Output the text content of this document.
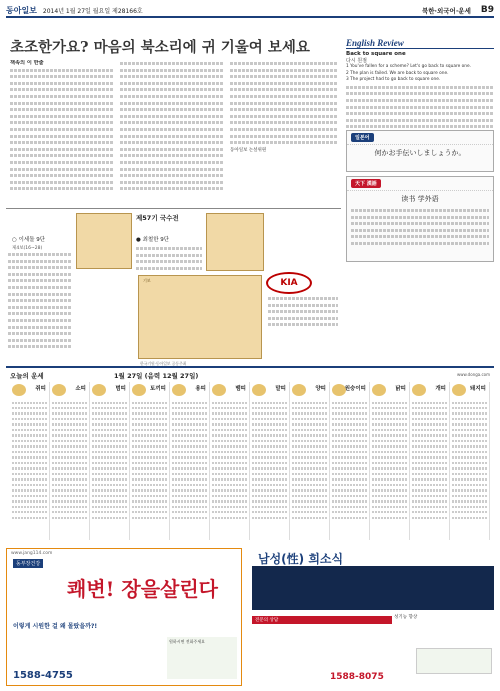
동아일보 2014년 1월 27일 월요일 제28166호	북한·외국어·운세	B9
초조한가요? 마음의 북소리에 귀 기울여 보세요
책속의 이 한줄
동아일보 논설위원
English Review
Back to square one
다시 원점
1 You've fallen for a scheme? Let's go back to square one.
2 The plan is failed. We are back to square one.
3 The project had to go back to square one.
일본어
何かお手伝いしましょうか。
天下 漢語
读书 学外语
제57기 국수전
○ 이세돌 9단	● 최철한 9단
제4보(16~28)
기보
한국기원·동아일보 공동주최
KIA
오늘의 운세	1월 27일 (음력 12월 27일)	www.donga.com
쥐띠	소띠	범띠	토끼띠	용띠	뱀띠	말띠	양띠	원숭이띠	닭띠	개띠	돼지띠
www.jang114.com
동부장건강
쾌변! 장을살린다
이렇게 시원한 걸 왜 몰랐을까?!
원하시면 전화주세요
1588-4755
남성(性) 희소식
전문의 상담
성기능 향상
1588-8075
